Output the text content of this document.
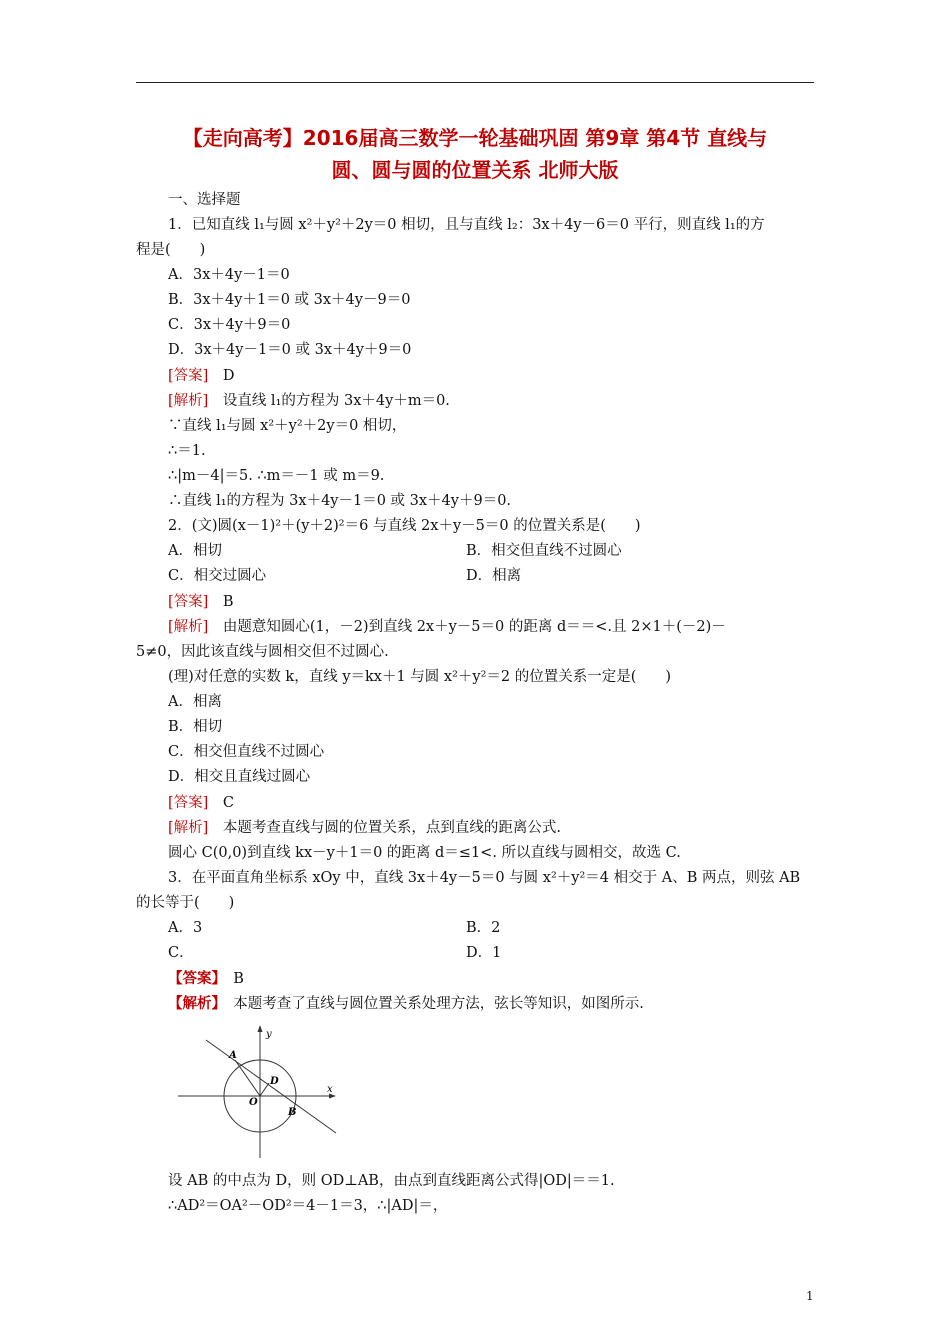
【走向高考】2016届高三数学一轮基础巩固 第9章 第4节 直线与
圆、圆与圆的位置关系 北师大版
一、选择题
1．已知直线 l₁与圆 x²＋y²＋2y＝0 相切，且与直线 l₂：3x＋4y－6＝0 平行，则直线 l₁的方
程是(　　)
A．3x＋4y－1＝0
B．3x＋4y＋1＝0 或 3x＋4y－9＝0
C．3x＋4y＋9＝0
D．3x＋4y－1＝0 或 3x＋4y＋9＝0
[答案]　D
[解析]　设直线 l₁的方程为 3x＋4y＋m＝0.
∵直线 l₁与圆 x²＋y²＋2y＝0 相切，
∴＝1.
∴|m－4|＝5. ∴m＝－1 或 m＝9.
∴直线 l₁的方程为 3x＋4y－1＝0 或 3x＋4y＋9＝0.
2．(文)圆(x－1)²＋(y＋2)²＝6 与直线 2x＋y－5＝0 的位置关系是(　　)
A．相切	B．相交但直线不过圆心
C．相交过圆心	D．相离
[答案]　B
[解析]　由题意知圆心(1，－2)到直线 2x＋y－5＝0 的距离 d＝＝<.且 2×1＋(－2)－
5≠0，因此该直线与圆相交但不过圆心.
(理)对任意的实数 k，直线 y＝kx＋1 与圆 x²＋y²＝2 的位置关系一定是(　　)
A．相离
B．相切
C．相交但直线不过圆心
D．相交且直线过圆心
[答案]　C
[解析]　本题考查直线与圆的位置关系，点到直线的距离公式.
圆心 C(0,0)到直线 kx－y＋1＝0 的距离 d＝≤1<. 所以直线与圆相交，故选 C.
3．在平面直角坐标系 xOy 中，直线 3x＋4y－5＝0 与圆 x²＋y²＝4 相交于 A、B 两点，则弦 AB
的长等于(　　)
A．3	B．2
C．	D．1
【答案】　B
【解析】　本题考查了直线与圆位置关系处理方法，弦长等知识，如图所示.
设 AB 的中点为 D，则 OD⊥AB，由点到直线距离公式得|OD|＝＝1.
∴AD²＝OA²－OD²＝4－1＝3，∴|AD|＝，
y
x
A
D
O
B
1
